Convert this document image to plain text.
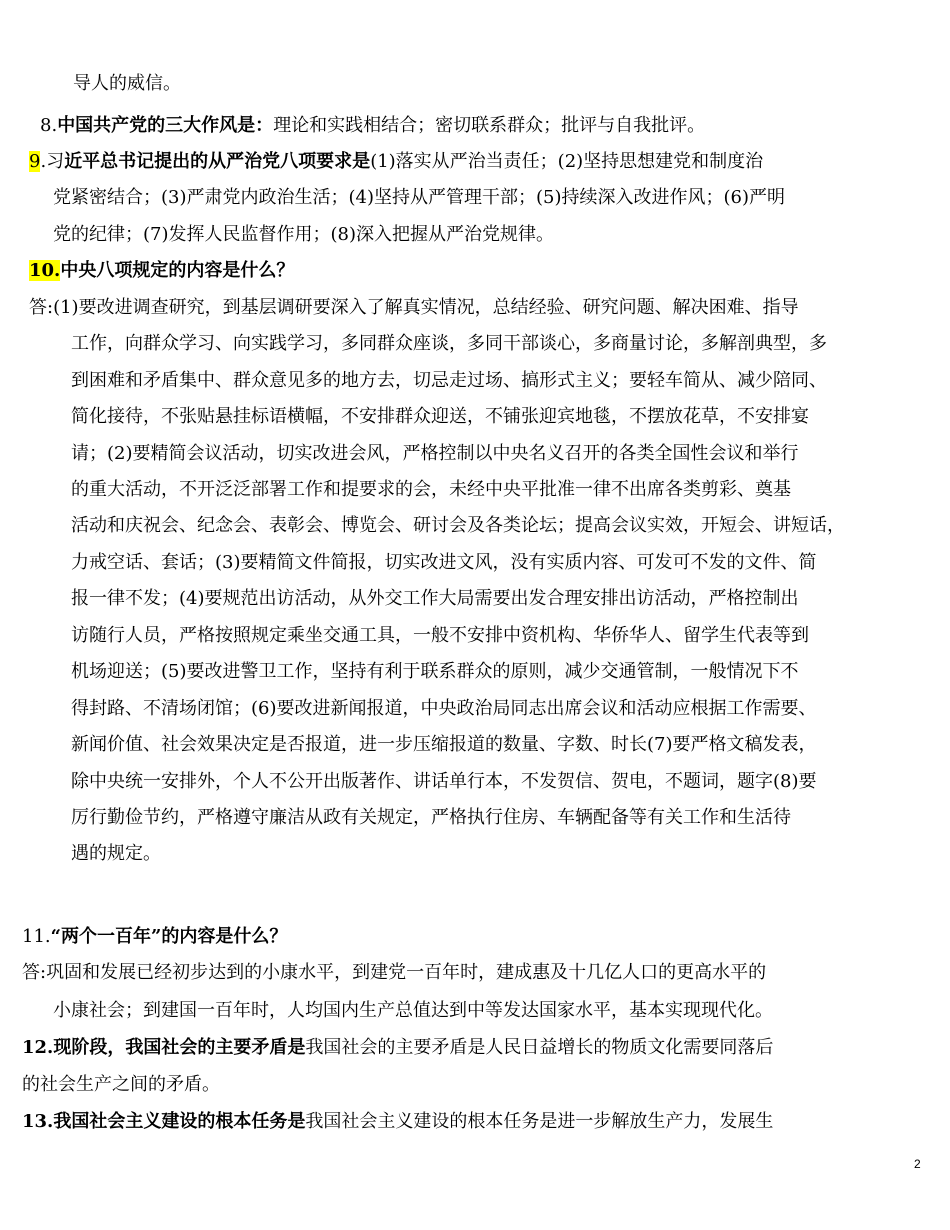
导人的威信。
8.中国共产党的三大作风是：理论和实践相结合；密切联系群众；批评与自我批评。
9.习近平总书记提出的从严治党八项要求是(1)落实从严治当责任；(2)坚持思想建党和制度治
党紧密结合；(3)严肃党内政治生活；(4)坚持从严管理干部；(5)持续深入改进作风；(6)严明
党的纪律；(7)发挥人民监督作用；(8)深入把握从严治党规律。
10.中央八项规定的内容是什么？
答:(1)要改进调查研究，到基层调研要深入了解真实情况，总结经验、研究问题、解决困难、指导
工作，向群众学习、向实践学习，多同群众座谈，多同干部谈心，多商量讨论，多解剖典型，多
到困难和矛盾集中、群众意见多的地方去，切忌走过场、搞形式主义；要轻车简从、减少陪同、
简化接待，不张贴悬挂标语横幅，不安排群众迎送，不铺张迎宾地毯，不摆放花草，不安排宴
请；(2)要精简会议活动，切实改进会风，严格控制以中央名义召开的各类全国性会议和举行
的重大活动，不开泛泛部署工作和提要求的会，未经中央平批准一律不出席各类剪彩、奠基
活动和庆祝会、纪念会、表彰会、博览会、研讨会及各类论坛；提高会议实效，开短会、讲短话，
力戒空话、套话；(3)要精简文件简报，切实改进文风，没有实质内容、可发可不发的文件、简
报一律不发；(4)要规范出访活动，从外交工作大局需要出发合理安排出访活动，严格控制出
访随行人员，严格按照规定乘坐交通工具，一般不安排中资机构、华侨华人、留学生代表等到
机场迎送；(5)要改进警卫工作，坚持有利于联系群众的原则，减少交通管制，一般情况下不
得封路、不清场闭馆；(6)要改进新闻报道，中央政治局同志出席会议和活动应根据工作需要、
新闻价值、社会效果决定是否报道，进一步压缩报道的数量、字数、时长(7)要严格文稿发表，
除中央统一安排外，个人不公开出版著作、讲话单行本，不发贺信、贺电，不题词，题字(8)要
厉行勤俭节约，严格遵守廉洁从政有关规定，严格执行住房、车辆配备等有关工作和生活待
遇的规定。
11.“两个一百年”的内容是什么？
答:巩固和发展已经初步达到的小康水平，到建党一百年时，建成惠及十几亿人口的更高水平的
小康社会；到建国一百年时，人均国内生产总值达到中等发达国家水平，基本实现现代化。
12.现阶段，我国社会的主要矛盾是我国社会的主要矛盾是人民日益增长的物质文化需要同落后
的社会生产之间的矛盾。
13.我国社会主义建设的根本任务是我国社会主义建设的根本任务是进一步解放生产力，发展生
2
